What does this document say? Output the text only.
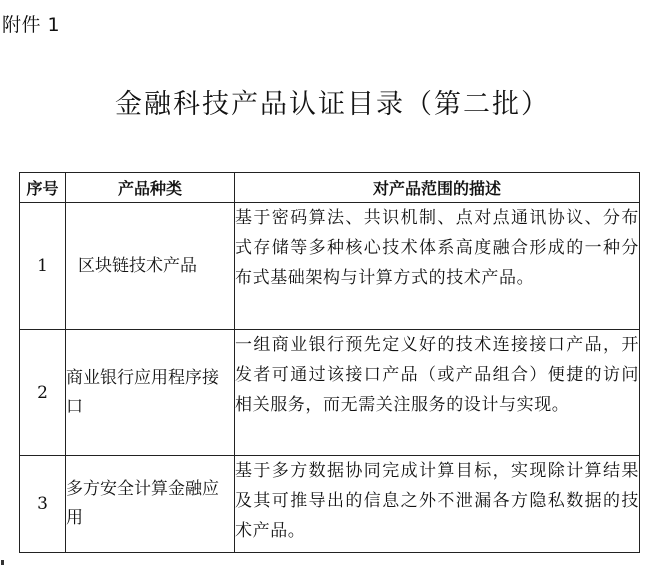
附件 1
金融科技产品认证目录（第二批）
序号	产品种类	对产品范围的描述
1	区块链技术产品	基于密码算法、共识机制、点对点通讯协议、分布式存储等多种核心技术体系高度融合形成的一种分布式基础架构与计算方式的技术产品。
2	商业银行应用程序接口	一组商业银行预先定义好的技术连接接口产品，开发者可通过该接口产品（或产品组合）便捷的访问相关服务，而无需关注服务的设计与实现。
3	多方安全计算金融应用	基于多方数据协同完成计算目标，实现除计算结果及其可推导出的信息之外不泄漏各方隐私数据的技术产品。
